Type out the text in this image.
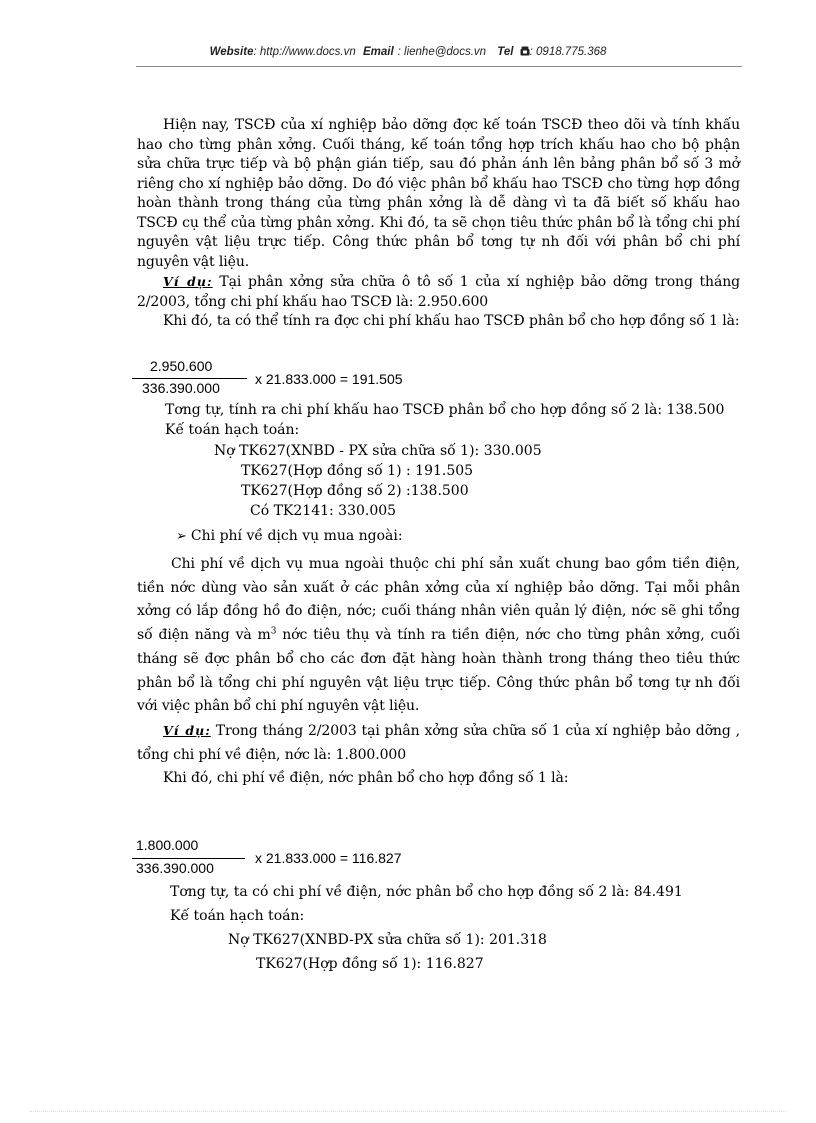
Website: http://www.docs.vn Email : lienhe@docs.vn Tel : 0918.775.368

Hiện nay, TSCĐ của xí nghiệp bảo dỡng đợc kế toán TSCĐ theo dõi và tính khấu hao cho từng phân xởng. Cuối tháng, kế toán tổng hợp trích khấu hao cho bộ phận sửa chữa trực tiếp và bộ phận gián tiếp, sau đó phản ánh lên bảng phân bổ số 3 mở riêng cho xí nghiệp bảo dỡng. Do đó việc phân bổ khấu hao TSCĐ cho từng hợp đồng hoàn thành trong tháng của từng phân xởng là dễ dàng vì ta đã biết số khấu hao TSCĐ cụ thể của từng phân xởng. Khi đó, ta sẽ chọn tiêu thức phân bổ là tổng chi phí nguyên vật liệu trực tiếp. Công thức phân bổ tơng tự nh đối với phân bổ chi phí nguyên vật liệu.

Ví dụ: Tại phân xởng sửa chữa ô tô số 1 của xí nghiệp bảo dỡng trong tháng 2/2003, tổng chi phí khấu hao TSCĐ là: 2.950.600

Khi đó, ta có thể tính ra đợc chi phí khấu hao TSCĐ phân bổ cho hợp đồng số 1 là:

2.950.600
336.390.000
x 21.833.000 = 191.505
Tơng tự, tính ra chi phí khấu hao TSCĐ phân bổ cho hợp đồng số 2 là: 138.500
Kế toán hạch toán:
Nợ TK627(XNBD - PX sửa chữa số 1): 330.005
TK627(Hợp đồng số 1) : 191.505
TK627(Hợp đồng số 2) :138.500
Có TK2141: 330.005
➢ Chi phí về dịch vụ mua ngoài:

Chi phí về dịch vụ mua ngoài thuộc chi phí sản xuất chung bao gồm tiền điện, tiền nớc dùng vào sản xuất ở các phân xởng của xí nghiệp bảo dỡng. Tại mỗi phân xởng có lắp đồng hồ đo điện, nớc; cuối tháng nhân viên quản lý điện, nớc sẽ ghi tổng số điện năng và $m^3$ nớc tiêu thụ và tính ra tiền điện, nớc cho từng phân xởng, cuối tháng sẽ đợc phân bổ cho các đơn đặt hàng hoàn thành trong tháng theo tiêu thức phân bổ là tổng chi phí nguyên vật liệu trực tiếp. Công thức phân bổ tơng tự nh đối với việc phân bổ chi phí nguyên vật liệu.

Ví dụ: Trong tháng 2/2003 tại phân xởng sửa chữa số 1 của xí nghiệp bảo dỡng , tổng chi phí về điện, nớc là: 1.800.000

Khi đó, chi phí về điện, nớc phân bổ cho hợp đồng số 1 là:

1.800.000
336.390.000
x 21.833.000 = 116.827
Tơng tự, ta có chi phí về điện, nớc phân bổ cho hợp đồng số 2 là: 84.491
Kế toán hạch toán:
Nợ TK627(XNBD-PX sửa chữa số 1): 201.318
TK627(Hợp đồng số 1): 116.827
